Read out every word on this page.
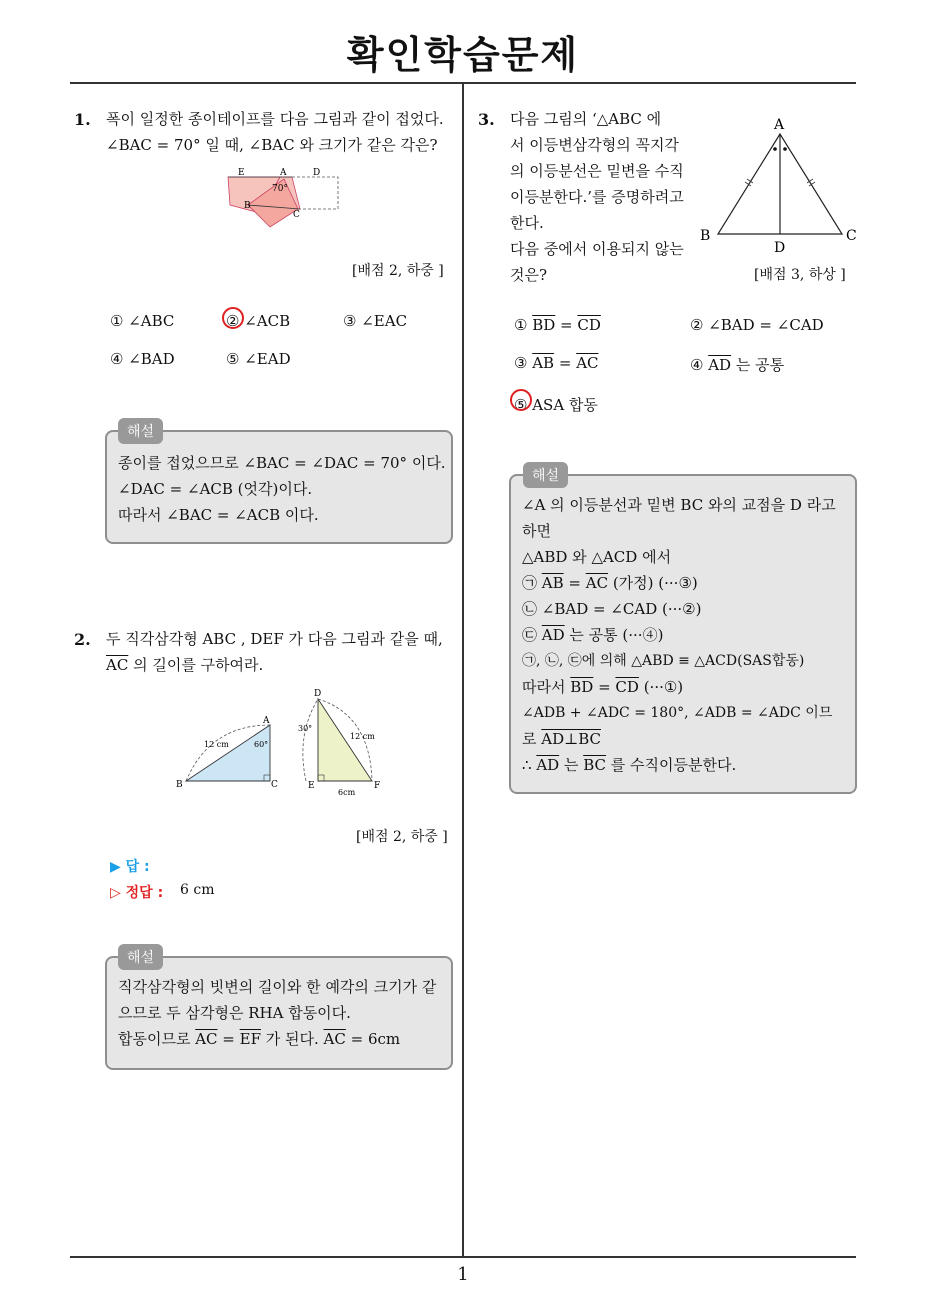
확인학습문제
1
1. 폭이 일정한 종이테이프를 다음 그림과 같이 접었다.
∠BAC = 70° 일 때, ∠BAC 와 크기가 같은 각은?
E	A	D
B
C
70°
[배점 2, 하중 ]
① ∠ABC	② ∠ACB	③ ∠EAC
④ ∠BAD	⑤ ∠EAD
해설
종이를 접었으므로 ∠BAC = ∠DAC = 70° 이다.
∠DAC = ∠ACB (엇각)이다.
따라서 ∠BAC = ∠ACB 이다.
2. 두 직각삼각형 ABC , DEF 가 다음 그림과 같을 때,
$\overline{AC}$ 의 길이를 구하여라.
A
B	C
D
E	F
12 cm	60°
30°
12 cm
6cm
[배점 2, 하중 ]
▶ 답 :
▷ 정답 : 6 cm
해설
직각삼각형의 빗변의 길이와 한 예각의 크기가 같
으므로 두 삼각형은 RHA 합동이다.
합동이므로 $\overline{AC} = \overline{EF}$ 가 된다. $\overline{AC} = 6cm$
3. 다음 그림의 ‘△ABC 에
서 이등변삼각형의 꼭지각
의 이등분선은 밑변을 수직
이등분한다.’를 증명하려고
한다.
다음 중에서 이용되지 않는
것은?
A
B	C
D
[배점 3, 하상 ]
① $\overline{BD} = \overline{CD}$	② ∠BAD = ∠CAD
③ $\overline{AB} = \overline{AC}$	④ $\overline{AD}$ 는 공통
⑤ ASA 합동
해설
∠A 의 이등분선과 밑변 BC 와의 교점을 D 라고
하면
△ABD 와 △ACD 에서
㉠ $\overline{AB} = \overline{AC}$ (가정) (···③)
㉡ ∠BAD = ∠CAD (···②)
㉢ $\overline{AD}$ 는 공통 (···④)
㉠, ㉡, ㉢에 의해 △ABD ≡ △ACD(SAS합동)
따라서 $\overline{BD} = \overline{CD}$ (···①)
∠ADB + ∠ADC = 180°, ∠ADB = ∠ADC 이므
로 AD⊥BC
∴ $\overline{AD}$ 는 $\overline{BC}$ 를 수직이등분한다.
